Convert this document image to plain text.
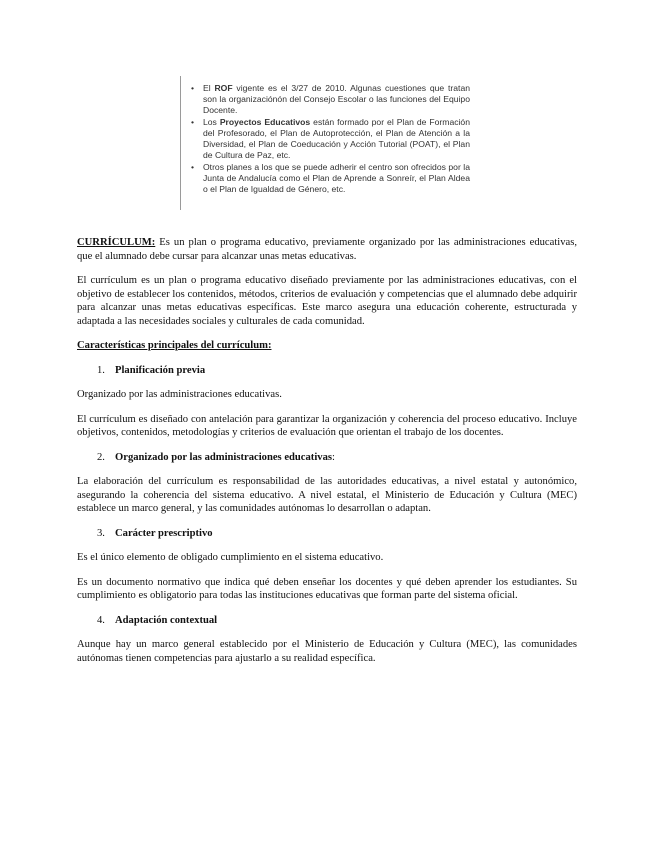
• El ROF vigente es el 3/27 de 2010. Algunas cuestiones que tratan son la organizaciónón del Consejo Escolar o las funciones del Equipo Docente.
• Los Proyectos Educativos están formado por el Plan de Formación del Profesorado, el Plan de Autoprotección, el Plan de Atención a la Diversidad, el Plan de Coeducación y Acción Tutorial (POAT), el Plan de Cultura de Paz, etc.
• Otros planes a los que se puede adherir el centro son ofrecidos por la Junta de Andalucía como el Plan de Aprende a Sonreír, el Plan Aldea o el Plan de Igualdad de Género, etc.

CURRÍCULUM: Es un plan o programa educativo, previamente organizado por las administraciones educativas, que el alumnado debe cursar para alcanzar unas metas educativas.

El currículum es un plan o programa educativo diseñado previamente por las administraciones educativas, con el objetivo de establecer los contenidos, métodos, criterios de evaluación y competencias que el alumnado debe adquirir para alcanzar unas metas educativas específicas. Este marco asegura una educación coherente, estructurada y adaptada a las necesidades sociales y culturales de cada comunidad.

Características principales del currículum:

1. Planificación previa

Organizado por las administraciones educativas.

El currículum es diseñado con antelación para garantizar la organización y coherencia del proceso educativo. Incluye objetivos, contenidos, metodologías y criterios de evaluación que orientan el trabajo de los docentes.

2. Organizado por las administraciones educativas:

La elaboración del currículum es responsabilidad de las autoridades educativas, a nivel estatal y autonómico, asegurando la coherencia del sistema educativo. A nivel estatal, el Ministerio de Educación y Cultura (MEC) establece un marco general, y las comunidades autónomas lo desarrollan o adaptan.

3. Carácter prescriptivo

Es el único elemento de obligado cumplimiento en el sistema educativo.

Es un documento normativo que indica qué deben enseñar los docentes y qué deben aprender los estudiantes. Su cumplimiento es obligatorio para todas las instituciones educativas que forman parte del sistema oficial.

4. Adaptación contextual

Aunque hay un marco general establecido por el Ministerio de Educación y Cultura (MEC), las comunidades autónomas tienen competencias para ajustarlo a su realidad específica.
